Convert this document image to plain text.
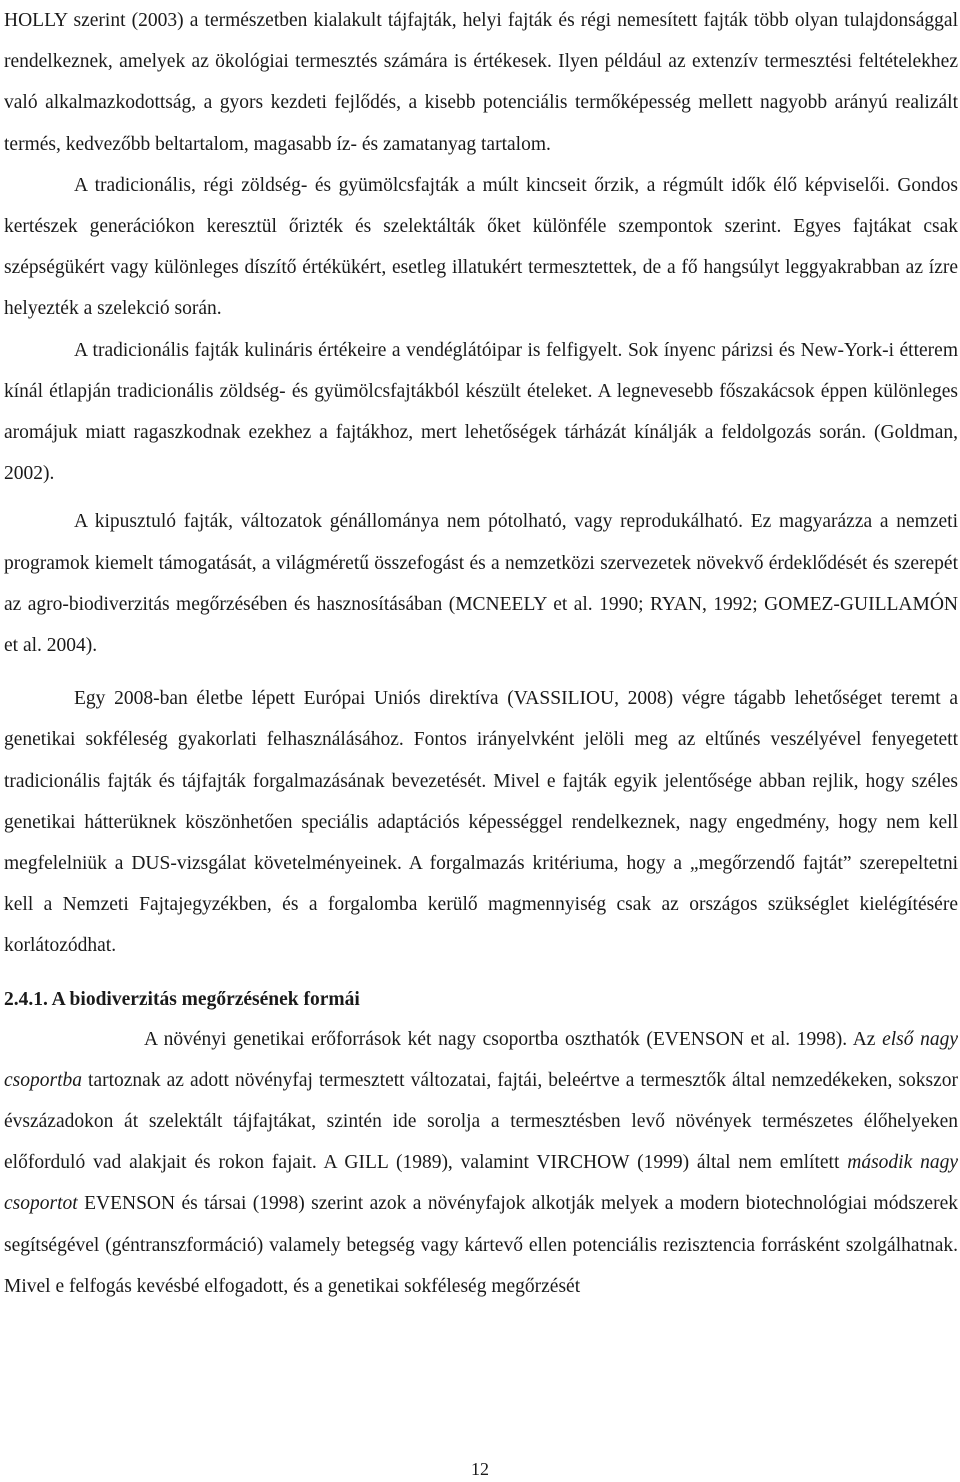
HOLLY szerint (2003) a természetben kialakult tájfajták, helyi fajták és régi nemesített fajták több olyan tulajdonsággal rendelkeznek, amelyek az ökológiai termesztés számára is értékesek. Ilyen például az extenzív termesztési feltételekhez való alkalmazkodottság, a gyors kezdeti fejlődés, a kisebb potenciális termőképesség mellett nagyobb arányú realizált termés, kedvezőbb beltartalom, magasabb íz- és zamatanyag tartalom.

A tradicionális, régi zöldség- és gyümölcsfajták a múlt kincseit őrzik, a régmúlt idők élő képviselői. Gondos kertészek generációkon keresztül őrizték és szelektálták őket különféle szempontok szerint. Egyes fajtákat csak szépségükért vagy különleges díszítő értékükért, esetleg illatukért termesztettek, de a fő hangsúlyt leggyakrabban az ízre helyezték a szelekció során.

A tradicionális fajták kulináris értékeire a vendéglátóipar is felfigyelt. Sok ínyenc párizsi és New-York-i étterem kínál étlapján tradicionális zöldség- és gyümölcsfajtákból készült ételeket. A legnevesebb főszakácsok éppen különleges aromájuk miatt ragaszkodnak ezekhez a fajtákhoz, mert lehetőségek tárházát kínálják a feldolgozás során. (Goldman, 2002).

A kipusztuló fajták, változatok génállománya nem pótolható, vagy reprodukálható. Ez magyarázza a nemzeti programok kiemelt támogatását, a világméretű összefogást és a nemzetközi szervezetek növekvő érdeklődését és szerepét az agro-biodiverzitás megőrzésében és hasznosításában (MCNEELY et al. 1990; RYAN, 1992; GOMEZ-GUILLAMÓN et al. 2004).

Egy 2008-ban életbe lépett Európai Uniós direktíva (VASSILIOU, 2008) végre tágabb lehetőséget teremt a genetikai sokféleség gyakorlati felhasználásához. Fontos irányelvként jelöli meg az eltűnés veszélyével fenyegetett tradicionális fajták és tájfajták forgalmazásának bevezetését. Mivel e fajták egyik jelentősége abban rejlik, hogy széles genetikai hátterüknek köszönhetően speciális adaptációs képességgel rendelkeznek, nagy engedmény, hogy nem kell megfelelniük a DUS-vizsgálat követelményeinek. A forgalmazás kritériuma, hogy a „megőrzendő fajtát” szerepeltetni kell a Nemzeti Fajtajegyzékben, és a forgalomba kerülő magmennyiség csak az országos szükséglet kielégítésére korlátozódhat.

2.4.1. A biodiverzitás megőrzésének formái

A növényi genetikai erőforrások két nagy csoportba oszthatók (EVENSON et al. 1998). Az első nagy csoportba tartoznak az adott növényfaj termesztett változatai, fajtái, beleértve a termesztők által nemzedékeken, sokszor évszázadokon át szelektált tájfajtákat, szintén ide sorolja a termesztésben levő növények természetes élőhelyeken előforduló vad alakjait és rokon fajait. A GILL (1989), valamint VIRCHOW (1999) által nem említett második nagy csoportot EVENSON és társai (1998) szerint azok a növényfajok alkotják melyek a modern biotechnológiai módszerek segítségével (géntranszformáció) valamely betegség vagy kártevő ellen potenciális rezisztencia forrásként szolgálhatnak. Mivel e felfogás kevésbé elfogadott, és a genetikai sokféleség megőrzését

12
